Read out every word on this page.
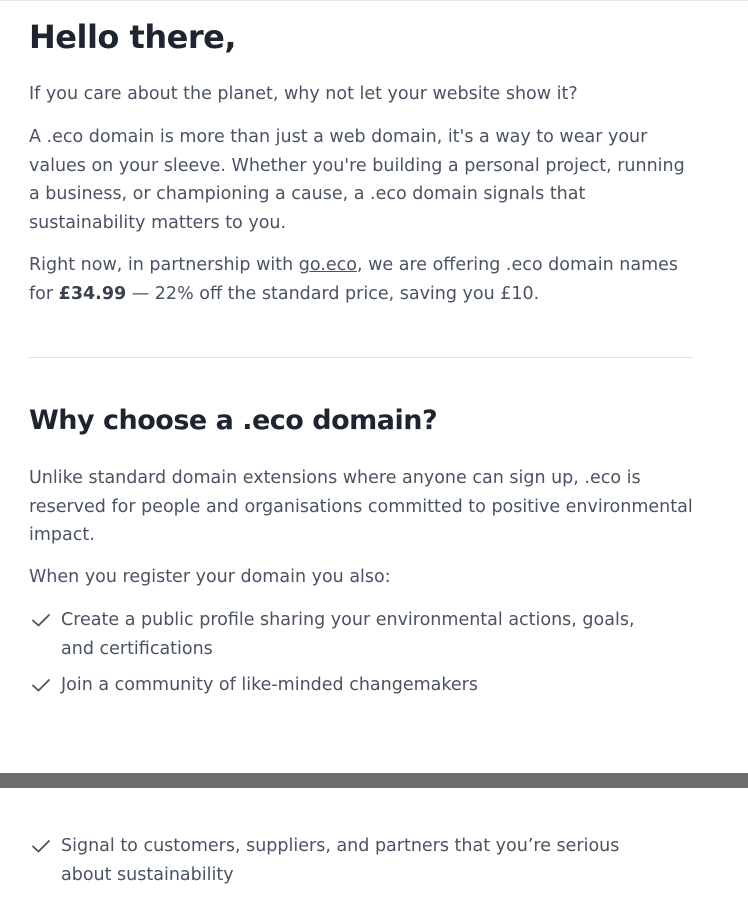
Hello there,

If you care about the planet, why not let your website show it?

A .eco domain is more than just a web domain, it's a way to wear your values on your sleeve. Whether you're building a personal project, running a business, or championing a cause, a .eco domain signals that sustainability matters to you.

Right now, in partnership with go.eco, we are offering .eco domain names for £34.99 — 22% off the standard price, saving you £10.

Why choose a .eco domain?

Unlike standard domain extensions where anyone can sign up, .eco is reserved for people and organisations committed to positive environmental impact.

When you register your domain you also:

Create a public profile sharing your environmental actions, goals, and certifications
Join a community of like-minded changemakers
Signal to customers, suppliers, and partners that you’re serious about sustainability
